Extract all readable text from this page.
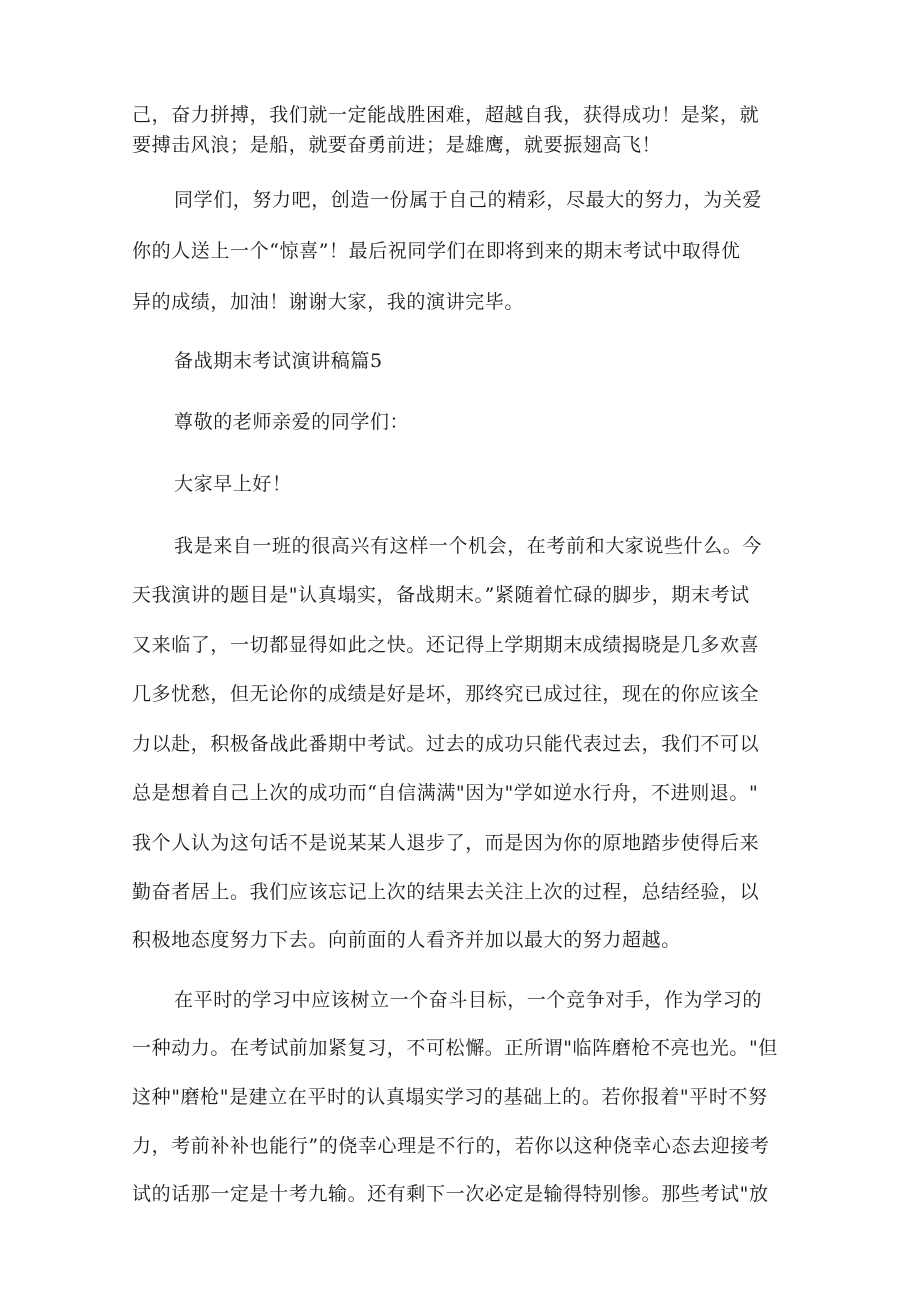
己，奋力拼搏，我们就一定能战胜困难，超越自我，获得成功！是桨，就
要搏击风浪；是船，就要奋勇前进；是雄鹰，就要振翅高飞！
同学们，努力吧，创造一份属于自己的精彩，尽最大的努力，为关爱
你的人送上一个“惊喜”！最后祝同学们在即将到来的期末考试中取得优
异的成绩，加油！谢谢大家，我的演讲完毕。
备战期末考试演讲稿篇5
尊敬的老师亲爱的同学们：
大家早上好！
我是来自一班的很高兴有这样一个机会，在考前和大家说些什么。今
天我演讲的题目是"认真塌实，备战期末。”紧随着忙碌的脚步，期末考试
又来临了，一切都显得如此之快。还记得上学期期末成绩揭晓是几多欢喜
几多忧愁，但无论你的成绩是好是坏，那终究已成过往，现在的你应该全
力以赴，积极备战此番期中考试。过去的成功只能代表过去，我们不可以
总是想着自己上次的成功而“自信满满"因为"学如逆水行舟，不进则退。"
我个人认为这句话不是说某某人退步了，而是因为你的原地踏步使得后来
勤奋者居上。我们应该忘记上次的结果去关注上次的过程，总结经验，以
积极地态度努力下去。向前面的人看齐并加以最大的努力超越。
在平时的学习中应该树立一个奋斗目标，一个竞争对手，作为学习的
一种动力。在考试前加紧复习，不可松懈。正所谓"临阵磨枪不亮也光。"但
这种"磨枪"是建立在平时的认真塌实学习的基础上的。若你报着"平时不努
力，考前补补也能行”的侥幸心理是不行的，若你以这种侥幸心态去迎接考
试的话那一定是十考九输。还有剩下一次必定是输得特别惨。那些考试"放
